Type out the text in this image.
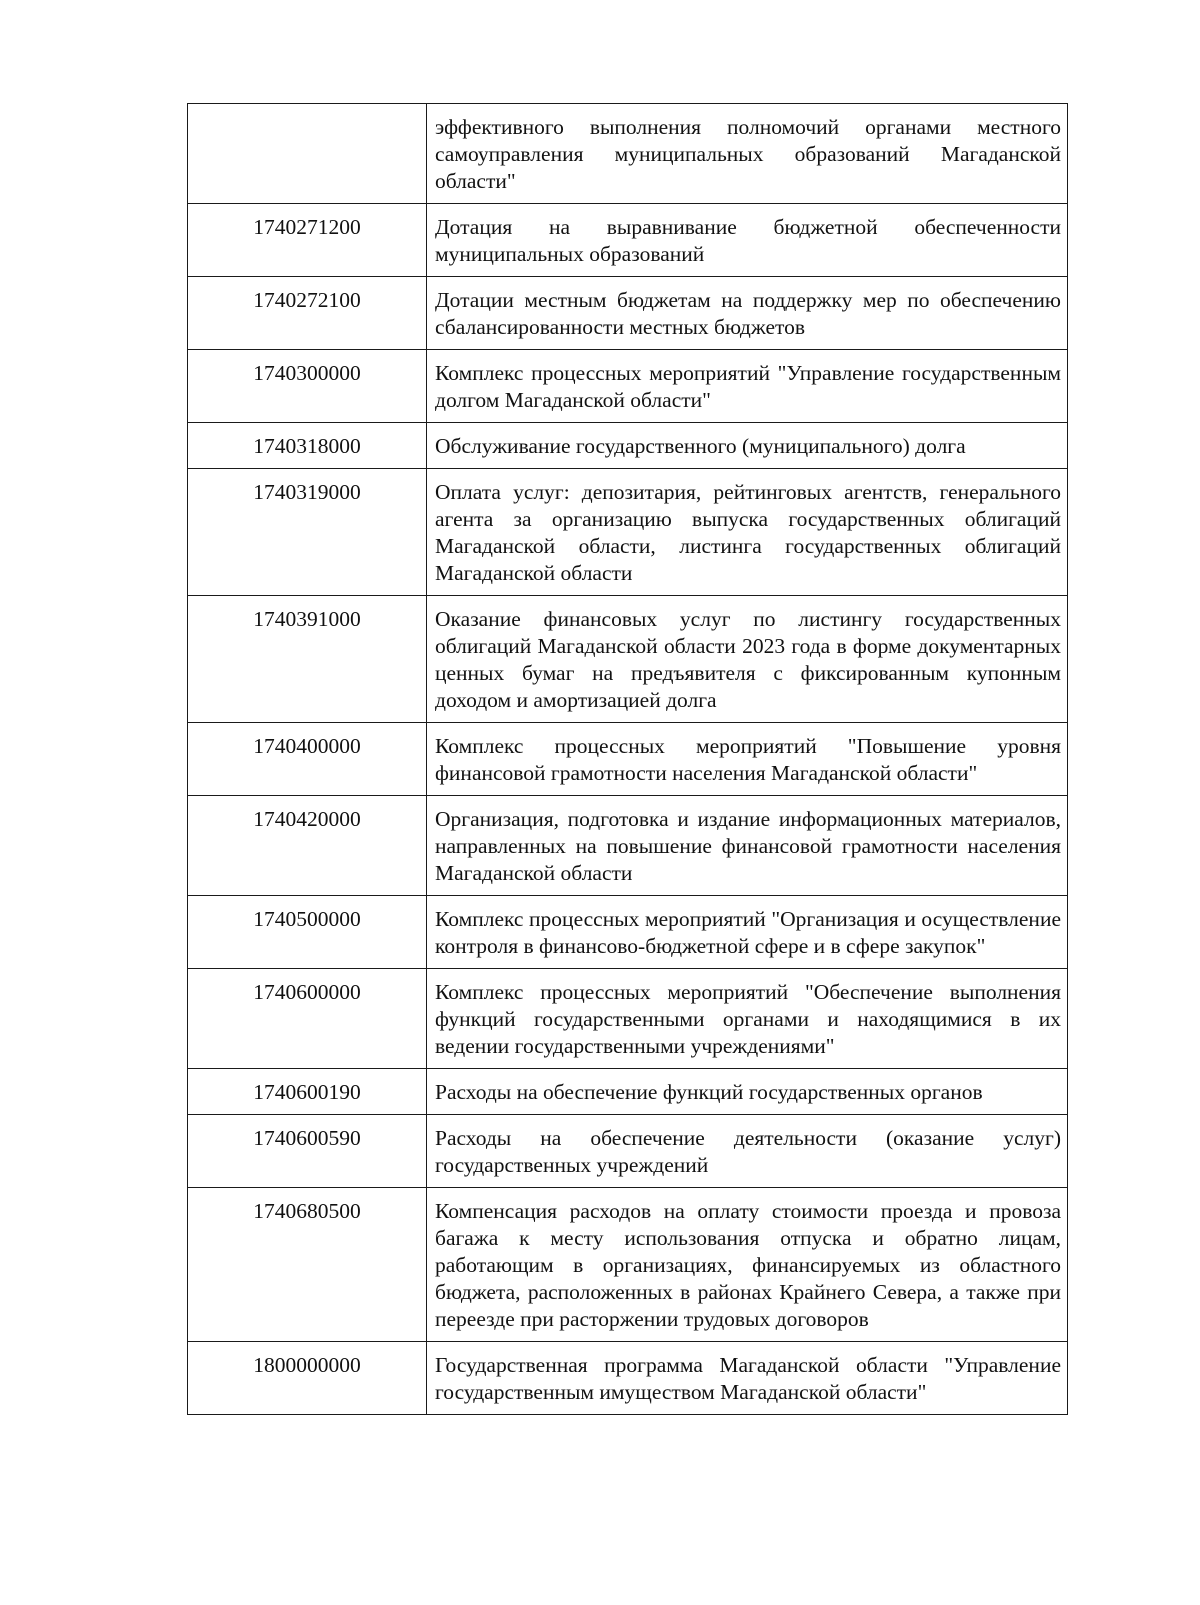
	эффективного выполнения полномочий органами местного самоуправления муниципальных образований Магаданской области"
1740271200	Дотация на выравнивание бюджетной обеспеченности муниципальных образований
1740272100	Дотации местным бюджетам на поддержку мер по обеспечению сбалансированности местных бюджетов
1740300000	Комплекс процессных мероприятий "Управление государственным долгом Магаданской области"
1740318000	Обслуживание государственного (муниципального) долга
1740319000	Оплата услуг: депозитария, рейтинговых агентств, генерального агента за организацию выпуска государственных облигаций Магаданской области, листинга государственных облигаций Магаданской области
1740391000	Оказание финансовых услуг по листингу государственных облигаций Магаданской области 2023 года в форме документарных ценных бумаг на предъявителя с фиксированным купонным доходом и амортизацией долга
1740400000	Комплекс процессных мероприятий "Повышение уровня финансовой грамотности населения Магаданской области"
1740420000	Организация, подготовка и издание информационных материалов, направленных на повышение финансовой грамотности населения Магаданской области
1740500000	Комплекс процессных мероприятий "Организация и осуществление контроля в финансово-бюджетной сфере и в сфере закупок"
1740600000	Комплекс процессных мероприятий "Обеспечение выполнения функций государственными органами и находящимися в их ведении государственными учреждениями"
1740600190	Расходы на обеспечение функций государственных органов
1740600590	Расходы на обеспечение деятельности (оказание услуг) государственных учреждений
1740680500	Компенсация расходов на оплату стоимости проезда и провоза багажа к месту использования отпуска и обратно лицам, работающим в организациях, финансируемых из областного бюджета, расположенных в районах Крайнего Севера, а также при переезде при расторжении трудовых договоров
1800000000	Государственная программа Магаданской области "Управление государственным имуществом Магаданской области"
